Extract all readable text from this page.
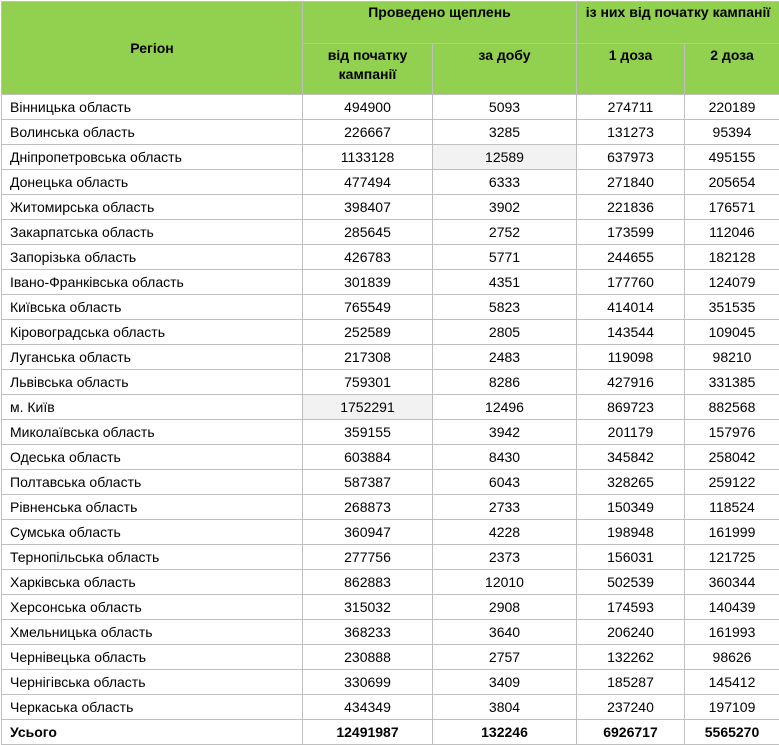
Регіон	Проведено щеплень		із них від початку кампанії	
	від початку кампанії	за добу	1 доза	2 доза
Вінницька область	494900	5093	274711	220189
Волинська область	226667	3285	131273	95394
Дніпропетровська область	1133128	12589	637973	495155
Донецька область	477494	6333	271840	205654
Житомирська область	398407	3902	221836	176571
Закарпатська область	285645	2752	173599	112046
Запорізька область	426783	5771	244655	182128
Івано-Франківська область	301839	4351	177760	124079
Київська область	765549	5823	414014	351535
Кіровоградська область	252589	2805	143544	109045
Луганська область	217308	2483	119098	98210
Львівська область	759301	8286	427916	331385
м. Київ	1752291	12496	869723	882568
Миколаївська область	359155	3942	201179	157976
Одеська область	603884	8430	345842	258042
Полтавська область	587387	6043	328265	259122
Рівненська область	268873	2733	150349	118524
Сумська область	360947	4228	198948	161999
Тернопільська область	277756	2373	156031	121725
Харківська область	862883	12010	502539	360344
Херсонська область	315032	2908	174593	140439
Хмельницька область	368233	3640	206240	161993
Чернівецька область	230888	2757	132262	98626
Чернігівська область	330699	3409	185287	145412
Черкаська область	434349	3804	237240	197109
Усього	12491987	132246	6926717	5565270
